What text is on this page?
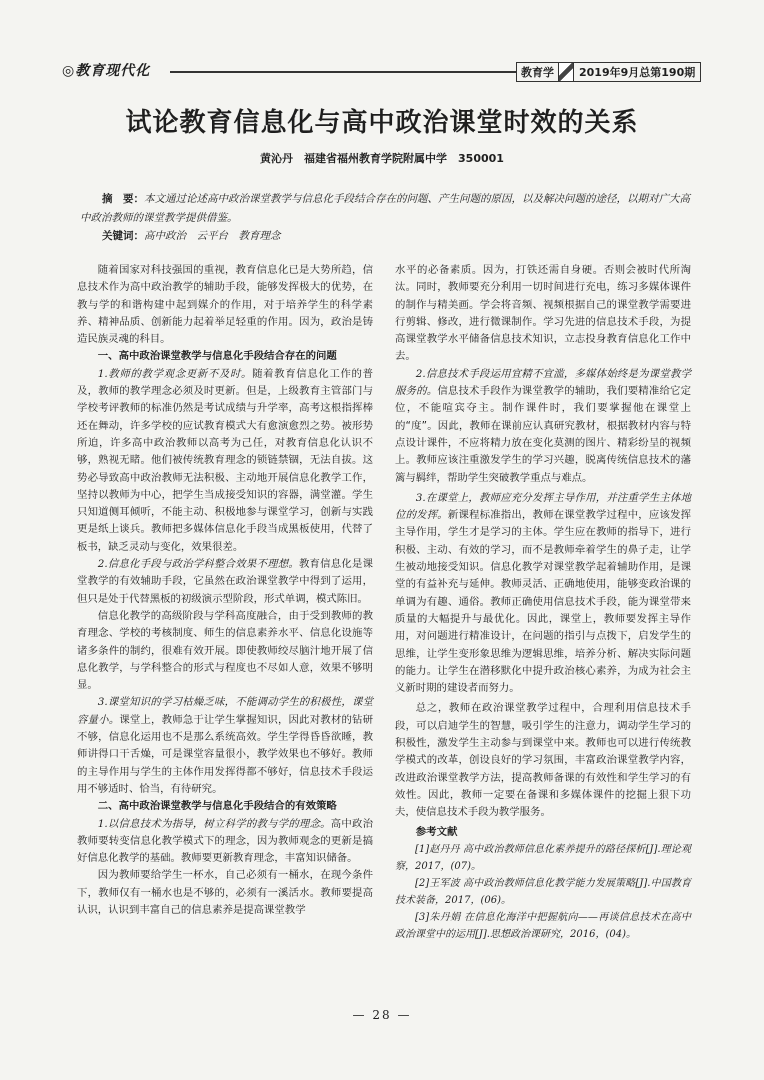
◎教育现代化	教育学	2019年9月总第190期
试论教育信息化与高中政治课堂时效的关系
黄沁丹　福建省福州教育学院附属中学　350001
摘　要：本文通过论述高中政治课堂教学与信息化手段结合存在的问题、产生问题的原因，以及解决问题的途径，以期对广大高中政治教师的课堂教学提供借鉴。
关键词：高中政治　云平台　教育理念

随着国家对科技强国的重视，教育信息化已是大势所趋，信息技术作为高中政治教学的辅助手段，能够发挥极大的优势，在教与学的和谐构建中起到媒介的作用，对于培养学生的科学素养、精神品质、创新能力起着举足轻重的作用。因为，政治是铸造民族灵魂的科目。

一、高中政治课堂教学与信息化手段结合存在的问题

1.教师的教学观念更新不及时。随着教育信息化工作的普及，教师的教学理念必须及时更新。但是，上级教育主管部门与学校考评教师的标准仍然是考试成绩与升学率，高考这根指挥棒还在舞动，许多学校的应试教育模式大有愈演愈烈之势。被形势所迫，许多高中政治教师以高考为己任，对教育信息化认识不够，熟视无睹。他们被传统教育理念的锁链禁锢，无法自拔。这势必导致高中政治教师无法积极、主动地开展信息化教学工作，坚持以教师为中心，把学生当成接受知识的容器，满堂灌。学生只知道侧耳倾听，不能主动、积极地参与课堂学习，创新与实践更是纸上谈兵。教师把多媒体信息化手段当成黑板使用，代替了板书，缺乏灵动与变化，效果很差。

2.信息化手段与政治学科整合效果不理想。教育信息化是课堂教学的有效辅助手段，它虽然在政治课堂教学中得到了运用，但只是处于代替黑板的初级演示型阶段，形式单调，模式陈旧。

信息化教学的高级阶段与学科高度融合，由于受到教师的教育理念、学校的考核制度、师生的信息素养水平、信息化设施等诸多条件的制约，很难有效开展。即使教师绞尽脑汁地开展了信息化教学，与学科整合的形式与程度也不尽如人意，效果不够明显。

3.课堂知识的学习枯燥乏味，不能调动学生的积极性，课堂容量小。课堂上，教师急于让学生掌握知识，因此对教材的钻研不够，信息化运用也不是那么系统高效。学生学得昏昏欲睡，教师讲得口干舌燥，可是课堂容量很小，教学效果也不够好。教师的主导作用与学生的主体作用发挥得都不够好，信息技术手段运用不够适时、恰当，有待研究。

二、高中政治课堂教学与信息化手段结合的有效策略

1.以信息技术为指导，树立科学的教与学的理念。高中政治教师要转变信息化教学模式下的理念，因为教师观念的更新是搞好信息化教学的基础。教师要更新教育理念，丰富知识储备。

因为教师要给学生一杯水，自己必须有一桶水，在现今条件下，教师仅有一桶水也是不够的，必须有一溪活水。教师要提高认识，认识到丰富自己的信息素养是提高课堂教学

水平的必备素质。因为，打铁还需自身硬。否则会被时代所淘汰。同时，教师要充分利用一切时间进行充电，练习多媒体课件的制作与精美画。学会将音频、视频根据自己的课堂教学需要进行剪辑、修改，进行微课制作。学习先进的信息技术手段，为提高课堂教学水平储备信息技术知识，立志投身教育信息化工作中去。

2.信息技术手段运用宜精不宜滥，多媒体始终是为课堂教学服务的。信息技术手段作为课堂教学的辅助，我们要精准给它定位，不能喧宾夺主。制作课件时，我们要掌握他在课堂上的“度”。因此，教师在课前应认真研究教材，根据教材内容与特点设计课件，不应将精力放在变化莫测的图片、精彩纷呈的视频上。教师应该注重激发学生的学习兴趣，脱离传统信息技术的藩篱与羁绊，帮助学生突破教学重点与难点。

3.在课堂上，教师应充分发挥主导作用，并注重学生主体地位的发挥。新课程标准指出，教师在课堂教学过程中，应该发挥主导作用，学生才是学习的主体。学生应在教师的指导下，进行积极、主动、有效的学习，而不是教师牵着学生的鼻子走，让学生被动地接受知识。信息化教学对课堂教学起着辅助作用，是课堂的有益补充与延伸。教师灵活、正确地使用，能够变政治课的单调为有趣、通俗。教师正确使用信息技术手段，能为课堂带来质量的大幅提升与最优化。因此，课堂上，教师要发挥主导作用，对问题进行精准设计，在问题的指引与点拨下，启发学生的思维，让学生变形象思维为逻辑思维，培养分析、解决实际问题的能力。让学生在潜移默化中提升政治核心素养，为成为社会主义新时期的建设者而努力。

总之，教师在政治课堂教学过程中，合理利用信息技术手段，可以启迪学生的智慧，吸引学生的注意力，调动学生学习的积极性，激发学生主动参与到课堂中来。教师也可以进行传统教学模式的改革，创设良好的学习氛围，丰富政治课堂教学内容，改进政治课堂教学方法，提高教师备课的有效性和学生学习的有效性。因此，教师一定要在备课和多媒体课件的挖掘上狠下功夫，使信息技术手段为教学服务。

参考文献

[1]赵丹丹 高中政治教师信息化素养提升的路径探析[J].理论观察，2017，(07)。

[2]王军波 高中政治教师信息化教学能力发展策略[J].中国教育技术装备，2017，(06)。

[3]朱丹娟 在信息化海洋中把握航向——再谈信息技术在高中政治课堂中的运用[J].思想政治课研究，2016，(04)。

— 28 —
